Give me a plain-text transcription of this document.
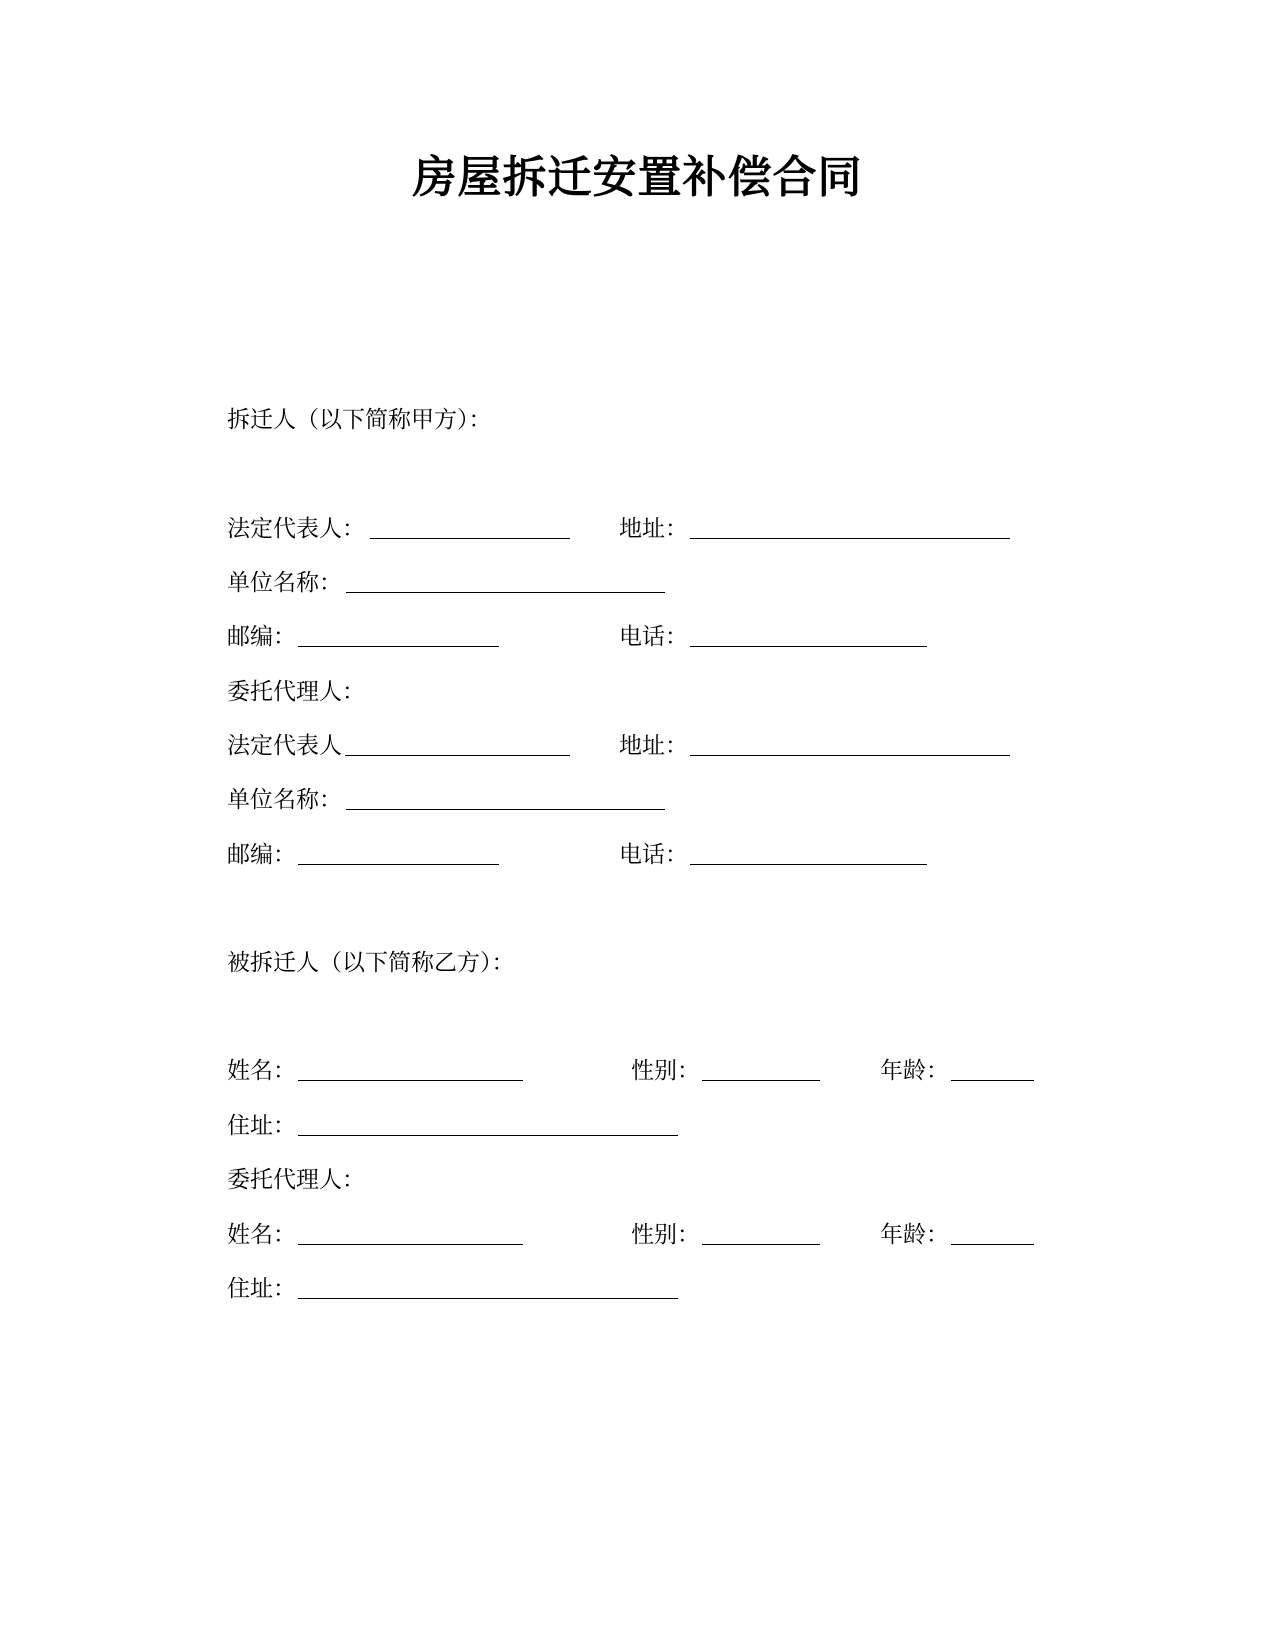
房屋拆迁安置补偿合同
拆迁人（以下简称甲方）：
法定代表人：	地址：
单位名称：
邮编：	电话：
委托代理人：
法定代表人	地址：
单位名称：
邮编：	电话：
被拆迁人（以下简称乙方）：
姓名：	性别：	年龄：
住址：
委托代理人：
姓名：	性别：	年龄：
住址：
